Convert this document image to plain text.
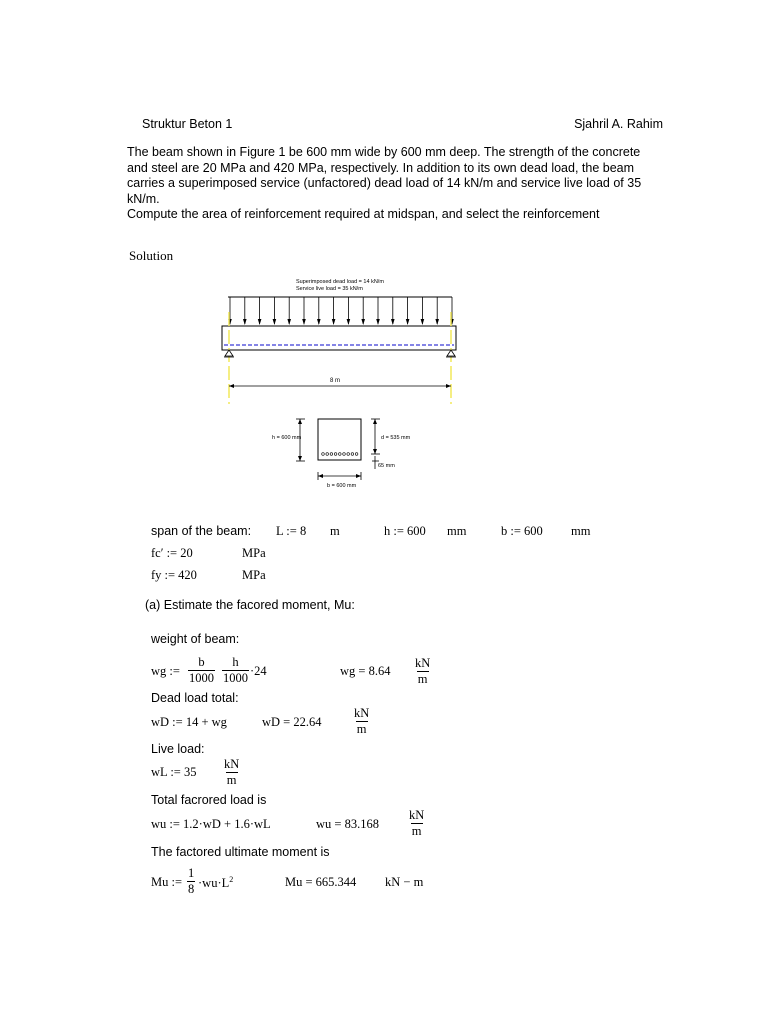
Struktur Beton 1	Sjahril A. Rahim

The beam shown in Figure 1 be 600 mm wide by 600 mm deep. The strength of the concrete and steel are 20 MPa and 420 MPa, respectively. In addition to its own dead load, the beam carries a superimposed service (unfactored) dead load of 14 kN/m and service live load of 35 kN/m.

Compute the area of reinforcement required at midspan, and select the reinforcement

Solution
Superimposed dead load = 14 kN/m
Service live load = 35 kN/m
8 m
h = 600 mm	d = 535 mm
65 mm
b = 600 mm
span of the beam: L := 8 m	h := 600 mm	b := 600 mm
fc′ := 20	MPa
fy := 420	MPa
(a) Estimate the facored moment, Mu:
weight of beam:
wg := $\frac{b}{1000} \frac{h}{1000} \cdot 24$	wg = $8.64 \frac{kN}{m}$
Dead load total:
wD := 14 + wg	wD = 22.64	$\frac{kN}{m}$
Live load:
wL := $35 \frac{kN}{m}$
Total facrored load is
wu := 1.2·wD + 1.6·wL	wu = $83.168 \frac{kN}{m}$
The factored ultimate moment is
Mu := $\frac{1}{8} \cdot wu\cdot L^2$	Mu = 665.344 kN − m
